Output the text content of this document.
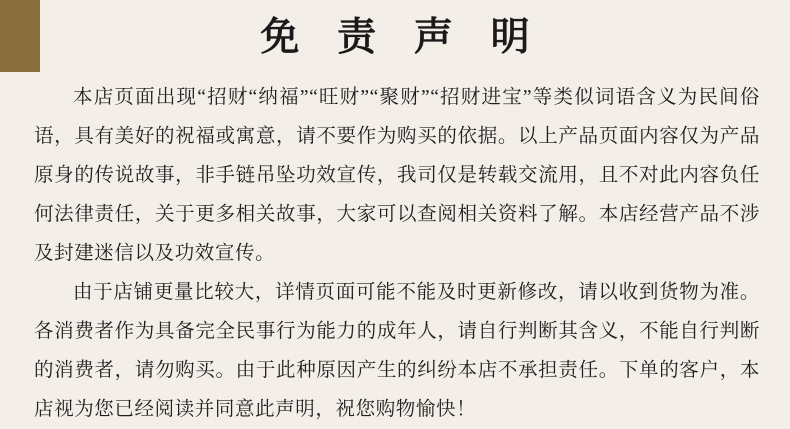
免 责 声 明

本店页面出现“招财“纳福”“旺财”“聚财”“招财进宝”等类似词语含义为民间俗语，具有美好的祝福或寓意，请不要作为购买的依据。以上产品页面内容仅为产品原身的传说故事，非手链吊坠功效宣传，我司仅是转载交流用，且不对此内容负任何法律责任，关于更多相关故事，大家可以查阅相关资料了解。本店经营产品不涉及封建迷信以及功效宣传。

由于店铺更量比较大，详情页面可能不能及时更新修改，请以收到货物为准。各消费者作为具备完全民事行为能力的成年人，请自行判断其含义，不能自行判断的消费者，请勿购买。由于此种原因产生的纠纷本店不承担责任。下单的客户，本店视为您已经阅读并同意此声明，祝您购物愉快！
